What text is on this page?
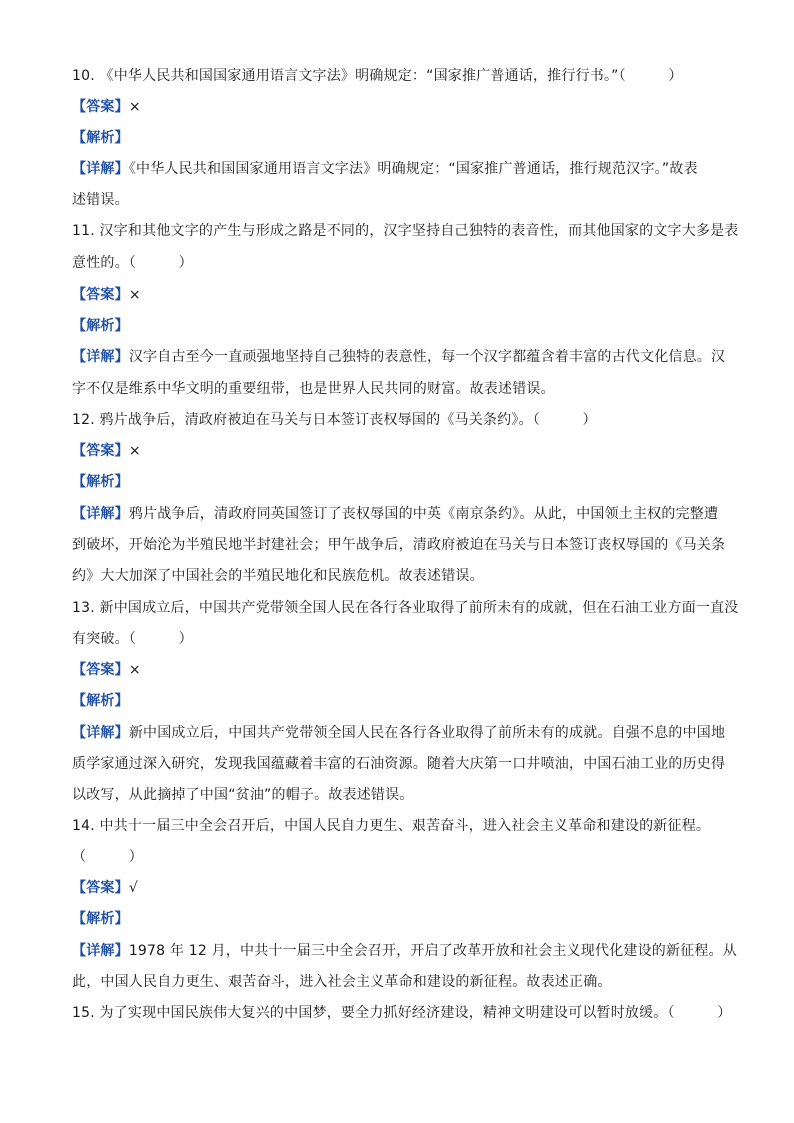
10. 《中华人民共和国国家通用语言文字法》明确规定：“国家推广普通话，推行行书。”（　　　）
【答案】×
【解析】
【详解】《中华人民共和国国家通用语言文字法》明确规定：“国家推广普通话，推行规范汉字。”故表
述错误。
11. 汉字和其他文字的产生与形成之路是不同的，汉字坚持自己独特的表音性，而其他国家的文字大多是表
意性的。（　　　）
【答案】×
【解析】
【详解】汉字自古至今一直顽强地坚持自己独特的表意性，每一个汉字都蕴含着丰富的古代文化信息。汉
字不仅是维系中华文明的重要纽带，也是世界人民共同的财富。故表述错误。
12. 鸦片战争后，清政府被迫在马关与日本签订丧权辱国的《马关条约》。（　　　）
【答案】×
【解析】
【详解】鸦片战争后，清政府同英国签订了丧权辱国的中英《南京条约》。从此，中国领土主权的完整遭
到破坏，开始沦为半殖民地半封建社会；甲午战争后，清政府被迫在马关与日本签订丧权辱国的《马关条
约》大大加深了中国社会的半殖民地化和民族危机。故表述错误。
13. 新中国成立后，中国共产党带领全国人民在各行各业取得了前所未有的成就，但在石油工业方面一直没
有突破。（　　　）
【答案】×
【解析】
【详解】新中国成立后，中国共产党带领全国人民在各行各业取得了前所未有的成就。自强不息的中国地
质学家通过深入研究，发现我国蕴藏着丰富的石油资源。随着大庆第一口井喷油，中国石油工业的历史得
以改写，从此摘掉了中国“贫油”的帽子。故表述错误。
14. 中共十一届三中全会召开后，中国人民自力更生、艰苦奋斗，进入社会主义革命和建设的新征程。
（　　　）
【答案】√
【解析】
【详解】1978 年 12 月，中共十一届三中全会召开，开启了改革开放和社会主义现代化建设的新征程。从
此，中国人民自力更生、艰苦奋斗，进入社会主义革命和建设的新征程。故表述正确。
15. 为了实现中国民族伟大复兴的中国梦，要全力抓好经济建设，精神文明建设可以暂时放缓。（　　　）
